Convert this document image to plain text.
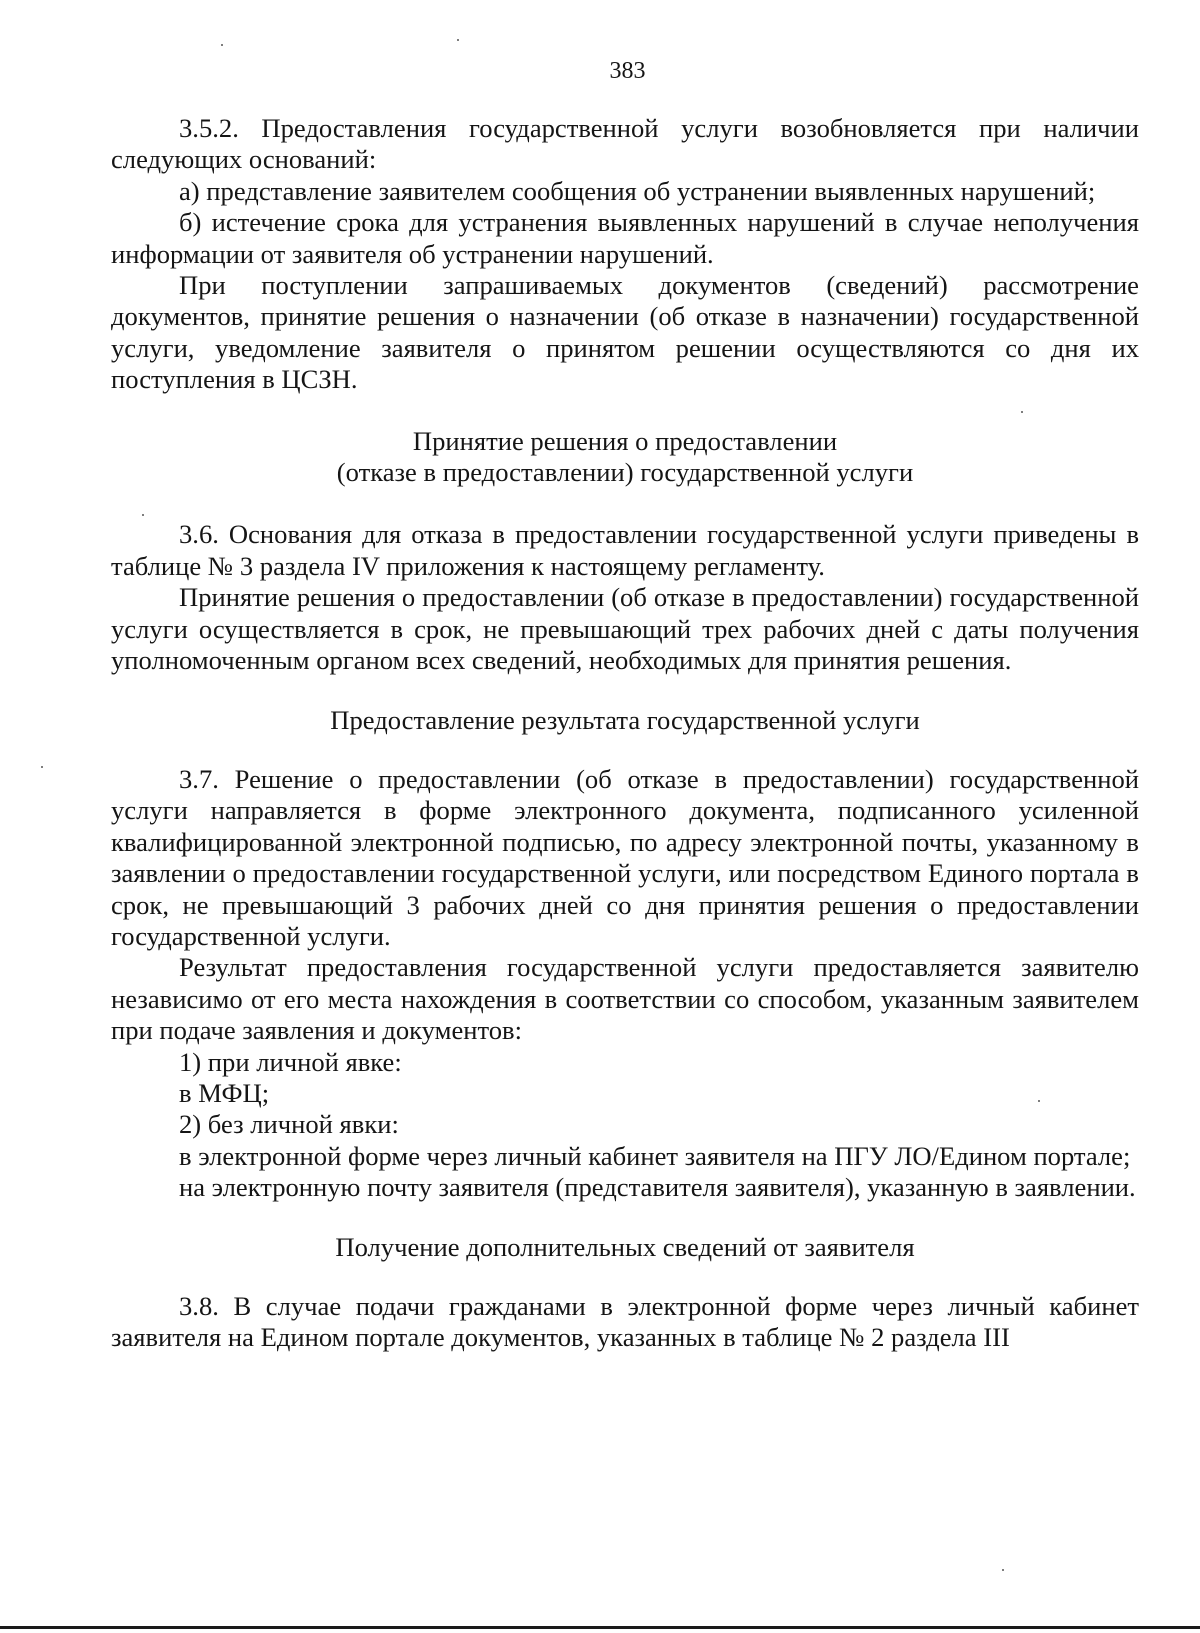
383

3.5.2. Предоставления государственной услуги возобновляется при наличии следующих оснований:

а) представление заявителем сообщения об устранении выявленных нарушений;

б) истечение срока для устранения выявленных нарушений в случае неполучения информации от заявителя об устранении нарушений.

При поступлении запрашиваемых документов (сведений) рассмотрение документов, принятие решения о назначении (об отказе в назначении) государственной услуги, уведомление заявителя о принятом решении осуществляются со дня их поступления в ЦСЗН.

Принятие решения о предоставлении
(отказе в предоставлении) государственной услуги

3.6. Основания для отказа в предоставлении государственной услуги приведены в таблице № 3 раздела IV приложения к настоящему регламенту.

Принятие решения о предоставлении (об отказе в предоставлении) государственной услуги осуществляется в срок, не превышающий трех рабочих дней с даты получения уполномоченным органом всех сведений, необходимых для принятия решения.

Предоставление результата государственной услуги

3.7. Решение о предоставлении (об отказе в предоставлении) государственной услуги направляется в форме электронного документа, подписанного усиленной квалифицированной электронной подписью, по адресу электронной почты, указанному в заявлении о предоставлении государственной услуги, или посредством Единого портала в срок, не превышающий 3 рабочих дней со дня принятия решения о предоставлении государственной услуги.

Результат предоставления государственной услуги предоставляется заявителю независимо от его места нахождения в соответствии со способом, указанным заявителем при подаче заявления и документов:

1) при личной явке:

в МФЦ;

2) без личной явки:

в электронной форме через личный кабинет заявителя на ПГУ ЛО/Едином портале;

на электронную почту заявителя (представителя заявителя), указанную в заявлении.

Получение дополнительных сведений от заявителя

3.8. В случае подачи гражданами в электронной форме через личный кабинет заявителя на Едином портале документов, указанных в таблице № 2 раздела III
